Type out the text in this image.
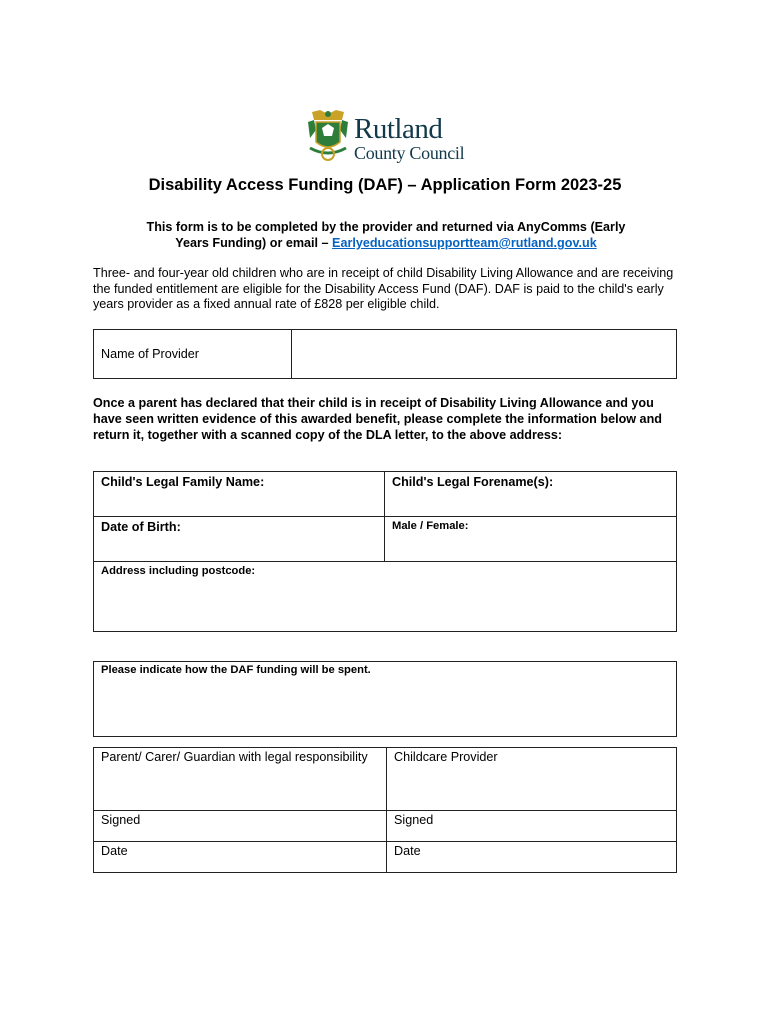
Rutland
County Council
Disability Access Funding (DAF) – Application Form 2023-25
This form is to be completed by the provider and returned via AnyComms (Early
Years Funding) or email – Earlyeducationsupportteam@rutland.gov.uk
Three- and four-year old children who are in receipt of child Disability Living Allowance and are receiving the funded entitlement are eligible for the Disability Access Fund (DAF). DAF is paid to the child's early years provider as a fixed annual rate of £828 per eligible child.
Name of Provider	
Once a parent has declared that their child is in receipt of Disability Living Allowance and you have seen written evidence of this awarded benefit, please complete the information below and return it, together with a scanned copy of the DLA letter, to the above address:
Child's Legal Family Name:	Child's Legal Forename(s):
Date of Birth:	Male / Female:
Address including postcode:	
Please indicate how the DAF funding will be spent.
Parent/ Carer/ Guardian with legal responsibility	Childcare Provider
Signed	Signed
Date	Date
